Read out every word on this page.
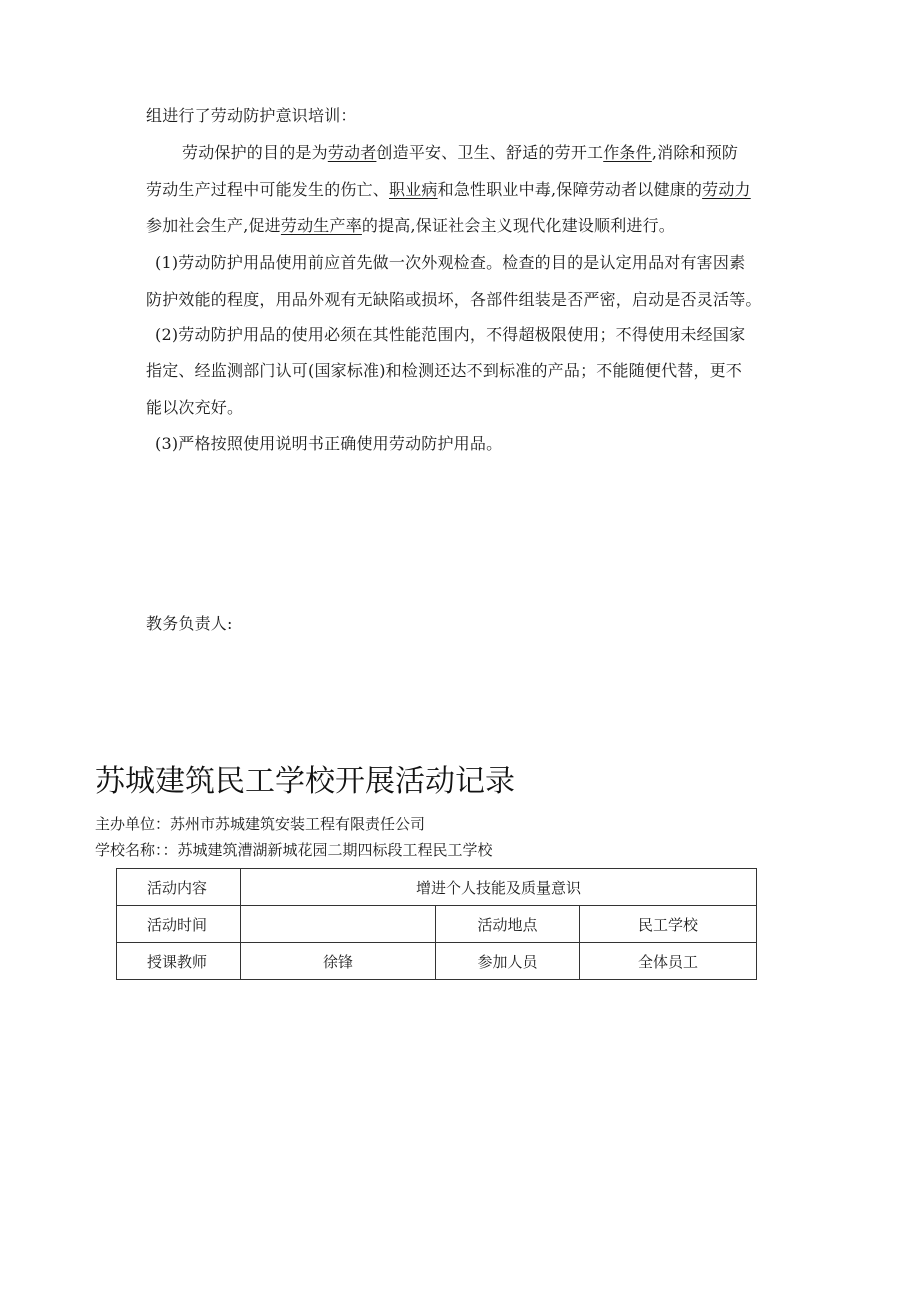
组进行了劳动防护意识培训：
劳动保护的目的是为劳动者创造平安、卫生、舒适的劳开工作条件,消除和预防
劳动生产过程中可能发生的伤亡、职业病和急性职业中毒,保障劳动者以健康的劳动力
参加社会生产,促进劳动生产率的提高,保证社会主义现代化建设顺利进行。
(1)劳动防护用品使用前应首先做一次外观检查。检查的目的是认定用品对有害因素
防护效能的程度，用品外观有无缺陷或损坏，各部件组装是否严密，启动是否灵活等。
(2)劳动防护用品的使用必须在其性能范围内，不得超极限使用；不得使用未经国家
指定、经监测部门认可(国家标准)和检测还达不到标准的产品；不能随便代替，更不
能以次充好。
(3)严格按照使用说明书正确使用劳动防护用品。
教务负责人:
苏城建筑民工学校开展活动记录
主办单位：苏州市苏城建筑安装工程有限责任公司
学校名称：：苏城建筑漕湖新城花园二期四标段工程民工学校
活动内容	增进个人技能及质量意识		
活动时间		活动地点	民工学校
授课教师	徐锋	参加人员	全体员工
